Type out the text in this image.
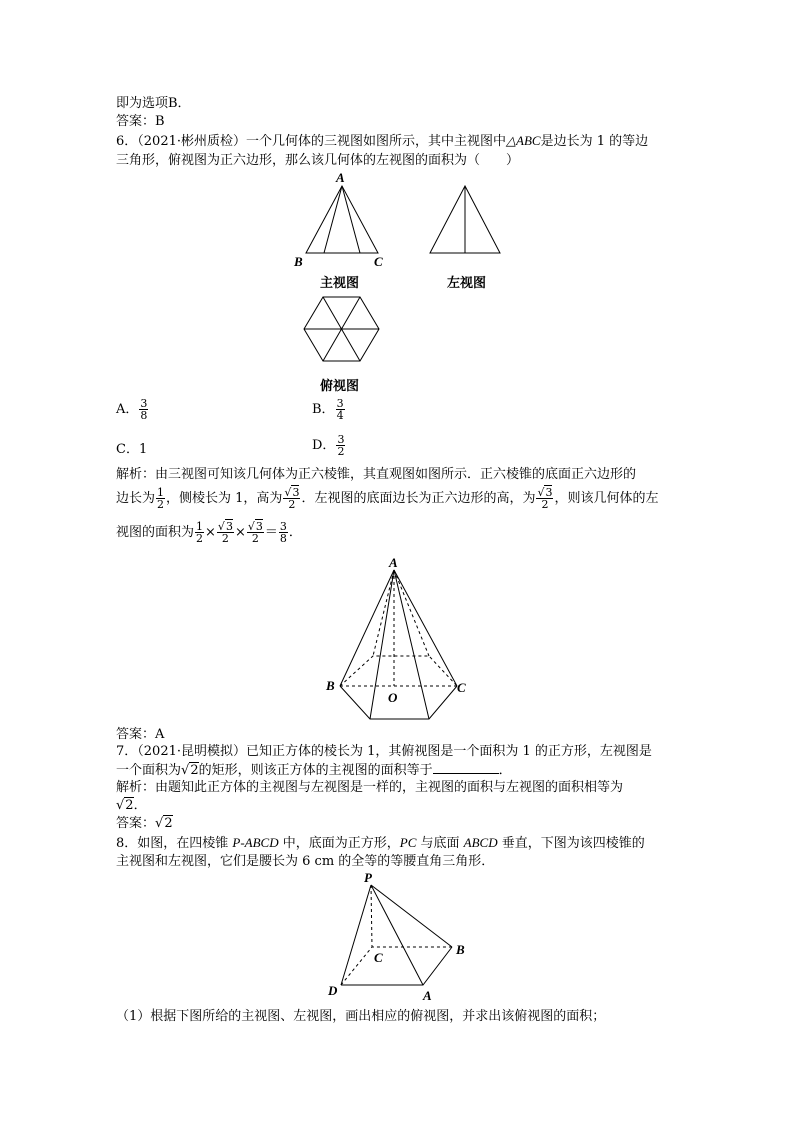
即为选项B．
答案：B
6．（2021·彬州质检）一个几何体的三视图如图所示，其中主视图中△ABC是边长为 1 的等边
三角形，俯视图为正六边形，那么该几何体的左视图的面积为（　　）
A
B	C
主视图	左视图
俯视图
A． $\frac{3}{8}$	B． $\frac{3}{4}$
C．1	D． $\frac{3}{2}$
解析：由三视图可知该几何体为正六棱锥，其直观图如图所示．正六棱锥的底面正六边形的
边长为 $\frac{1}{2}$ ，侧棱长为 1，高为 $\frac{√3}{2}$ ．左视图的底面边长为正六边形的高，为 $\frac{√3}{2}$ ，则该几何体的左
视图的面积为 $\frac{1}{2} \times \frac{√3}{2} \times \frac{√3}{2} = \frac{3}{8}$ ．
A
B	C
O
答案：A
7．（2021·昆明模拟）已知正方体的棱长为 1，其俯视图是一个面积为 1 的正方形，左视图是
一个面积为√2的矩形，则该正方体的主视图的面积等于	．
解析：由题知此正方体的主视图与左视图是一样的，主视图的面积与左视图的面积相等为
√2．
答案：√2
8．如图，在四棱锥 P-ABCD 中，底面为正方形，PC 与底面 ABCD 垂直，下图为该四棱锥的
主视图和左视图，它们是腰长为 6 cm 的全等的等腰直角三角形．
P
B
C
D	A
（1）根据下图所给的主视图、左视图，画出相应的俯视图，并求出该俯视图的面积；
